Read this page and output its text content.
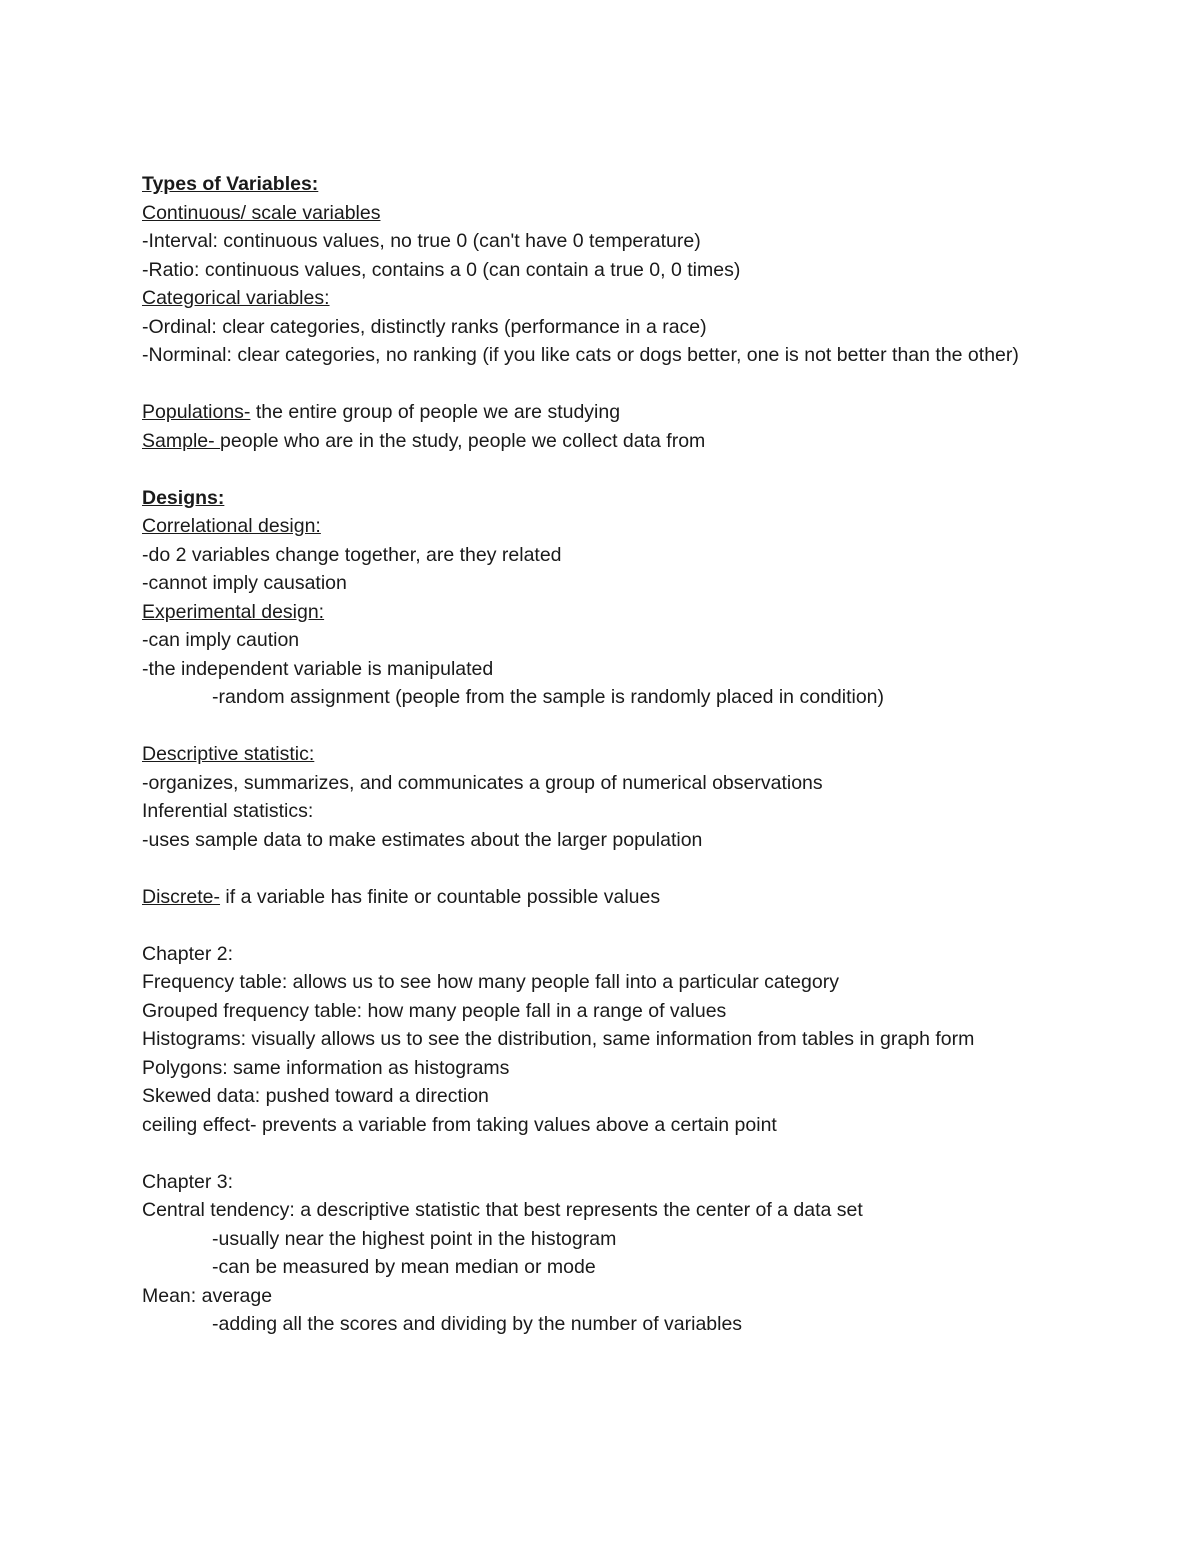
Types of Variables:

Continuous/ scale variables

-Interval: continuous values, no true 0 (can't have 0 temperature)

-Ratio: continuous values, contains a 0 (can contain a true 0, 0 times)

Categorical variables:

-Ordinal: clear categories, distinctly ranks (performance in a race)

-Norminal: clear categories, no ranking (if you like cats or dogs better, one is not better than the other)

Populations- the entire group of people we are studying

Sample- people who are in the study, people we collect data from

Designs:

Correlational design:

-do 2 variables change together, are they related

-cannot imply causation

Experimental design:

-can imply caution

-the independent variable is manipulated

-random assignment (people from the sample is randomly placed in condition)

Descriptive statistic:

-organizes, summarizes, and communicates a group of numerical observations

Inferential statistics:

-uses sample data to make estimates about the larger population

Discrete- if a variable has finite or countable possible values

Chapter 2:

Frequency table: allows us to see how many people fall into a particular category

Grouped frequency table: how many people fall in a range of values

Histograms: visually allows us to see the distribution, same information from tables in graph form

Polygons: same information as histograms

Skewed data: pushed toward a direction

ceiling effect- prevents a variable from taking values above a certain point

Chapter 3:

Central tendency: a descriptive statistic that best represents the center of a data set

-usually near the highest point in the histogram

-can be measured by mean median or mode

Mean: average

-adding all the scores and dividing by the number of variables
